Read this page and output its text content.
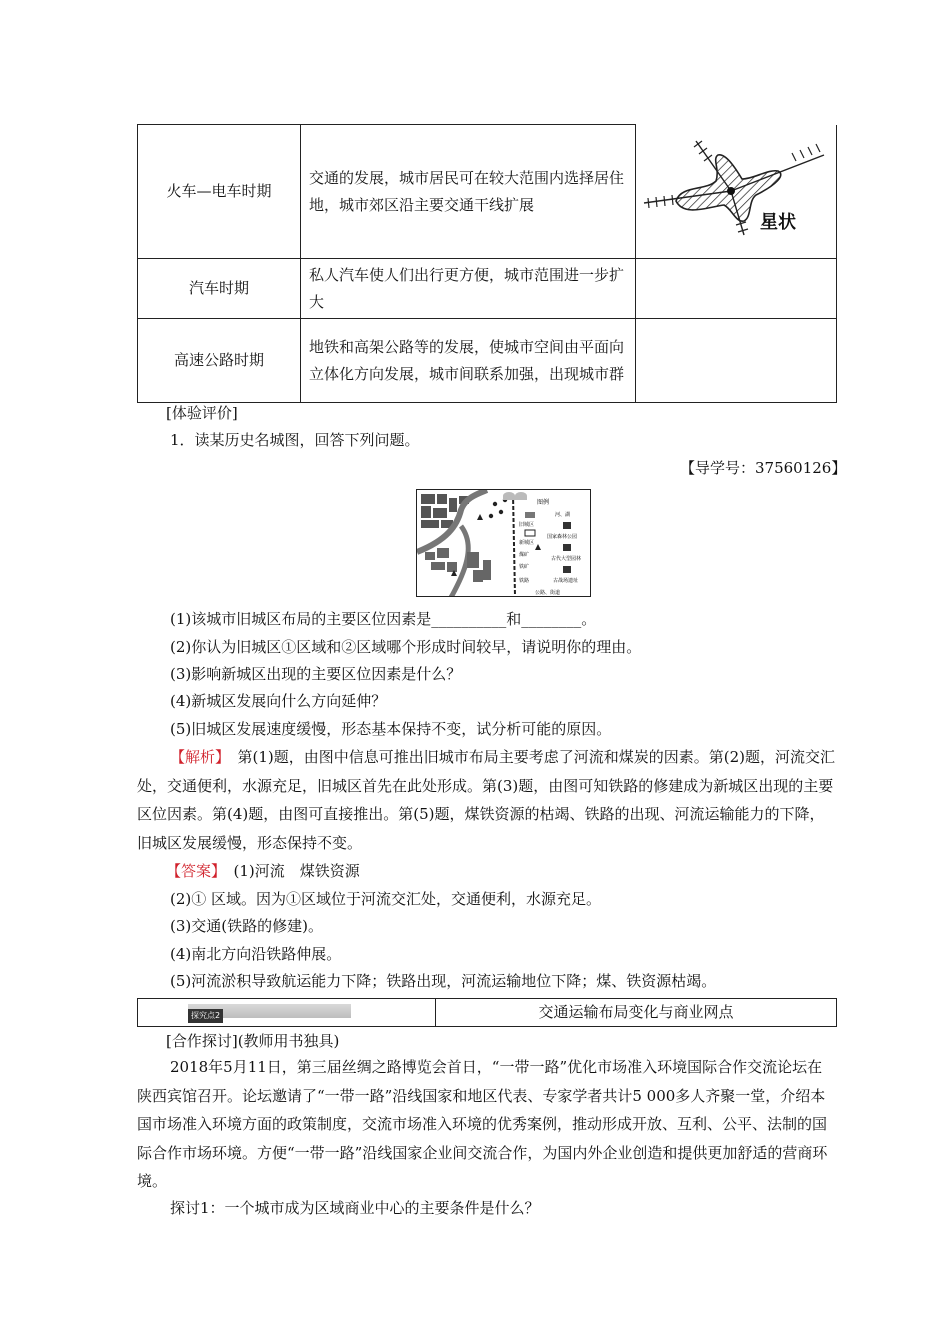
火车—电车时期	交通的发展，城市居民可在较大范围内选择居住地，城市郊区沿主要交通干线扩展	星状

汽车时期	私人汽车使人们出行更方便，城市范围进一步扩大	
高速公路时期	地铁和高架公路等的发展，使城市空间由平面向立体化方向发展，城市间联系加强，出现城市群	
[体验评价]
1．读某历史名城图，回答下列问题。
【导学号：37560126】
图例
旧城区
新城区
煤矿
铁矿
铁路
公路、街道
河、湖
国家森林公园
古代大型园林
古战场遗址
(1)该城市旧城区布局的主要区位因素是__________和________。
(2)你认为旧城区①区域和②区域哪个形成时间较早，请说明你的理由。
(3)影响新城区出现的主要区位因素是什么？
(4)新城区发展向什么方向延伸？
(5)旧城区发展速度缓慢，形态基本保持不变，试分析可能的原因。
【解析】　 第(1)题，由图中信息可推出旧城市布局主要考虑了河流和煤炭的因素。第(2)题，河流交汇处，交通便利，水源充足，旧城区首先在此处形成。第(3)题，由图可知铁路的修建成为新城区出现的主要区位因素。第(4)题，由图可直接推出。第(5)题，煤铁资源的枯竭、铁路的出现、河流运输能力的下降，旧城区发展缓慢，形态保持不变。
【答案】　 (1)河流　煤铁资源
(2)① 区域。因为①区域位于河流交汇处，交通便利，水源充足。
(3)交通(铁路的修建)。
(4)南北方向沿铁路伸展。
(5)河流淤积导致航运能力下降；铁路出现，河流运输地位下降；煤、铁资源枯竭。
探究点2	交通运输布局变化与商业网点
[合作探讨](教师用书独具)
2018年5月11日，第三届丝绸之路博览会首日，“一带一路”优化市场准入环境国际合作交流论坛在陕西宾馆召开。论坛邀请了“一带一路”沿线国家和地区代表、专家学者共计5 000多人齐聚一堂，介绍本国市场准入环境方面的政策制度，交流市场准入环境的优秀案例，推动形成开放、互利、公平、法制的国际合作市场环境。方便“一带一路”沿线国家企业间交流合作，为国内外企业创造和提供更加舒适的营商环境。
探讨1：一个城市成为区域商业中心的主要条件是什么？
